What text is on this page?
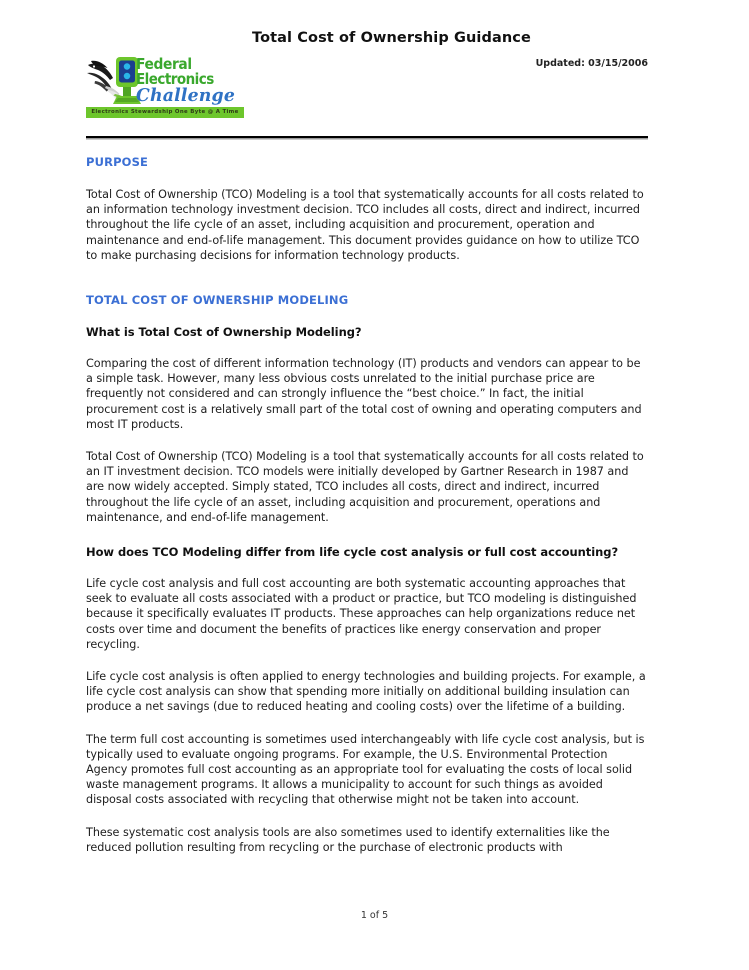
Federal
Electronics
Challenge
Electronics Stewardship One Byte @ A Time
Total Cost of Ownership Guidance
Updated: 03/15/2006
PURPOSE

Total Cost of Ownership (TCO) Modeling is a tool that systematically accounts for all costs related to an information technology investment decision. TCO includes all costs, direct and indirect, incurred throughout the life cycle of an asset, including acquisition and procurement, operation and maintenance and end-of-life management. This document provides guidance on how to utilize TCO to make purchasing decisions for information technology products.

TOTAL COST OF OWNERSHIP MODELING
What is Total Cost of Ownership Modeling?

Comparing the cost of different information technology (IT) products and vendors can appear to be a simple task. However, many less obvious costs unrelated to the initial purchase price are frequently not considered and can strongly influence the “best choice.” In fact, the initial procurement cost is a relatively small part of the total cost of owning and operating computers and most IT products.

Total Cost of Ownership (TCO) Modeling is a tool that systematically accounts for all costs related to an IT investment decision. TCO models were initially developed by Gartner Research in 1987 and are now widely accepted. Simply stated, TCO includes all costs, direct and indirect, incurred throughout the life cycle of an asset, including acquisition and procurement, operations and maintenance, and end-of-life management.

How does TCO Modeling differ from life cycle cost analysis or full cost accounting?

Life cycle cost analysis and full cost accounting are both systematic accounting approaches that seek to evaluate all costs associated with a product or practice, but TCO modeling is distinguished because it specifically evaluates IT products. These approaches can help organizations reduce net costs over time and document the benefits of practices like energy conservation and proper recycling.

Life cycle cost analysis is often applied to energy technologies and building projects. For example, a life cycle cost analysis can show that spending more initially on additional building insulation can produce a net savings (due to reduced heating and cooling costs) over the lifetime of a building.

The term full cost accounting is sometimes used interchangeably with life cycle cost analysis, but is typically used to evaluate ongoing programs. For example, the U.S. Environmental Protection Agency promotes full cost accounting as an appropriate tool for evaluating the costs of local solid waste management programs. It allows a municipality to account for such things as avoided disposal costs associated with recycling that otherwise might not be taken into account.

These systematic cost analysis tools are also sometimes used to identify externalities like the reduced pollution resulting from recycling or the purchase of electronic products with

1 of 5
